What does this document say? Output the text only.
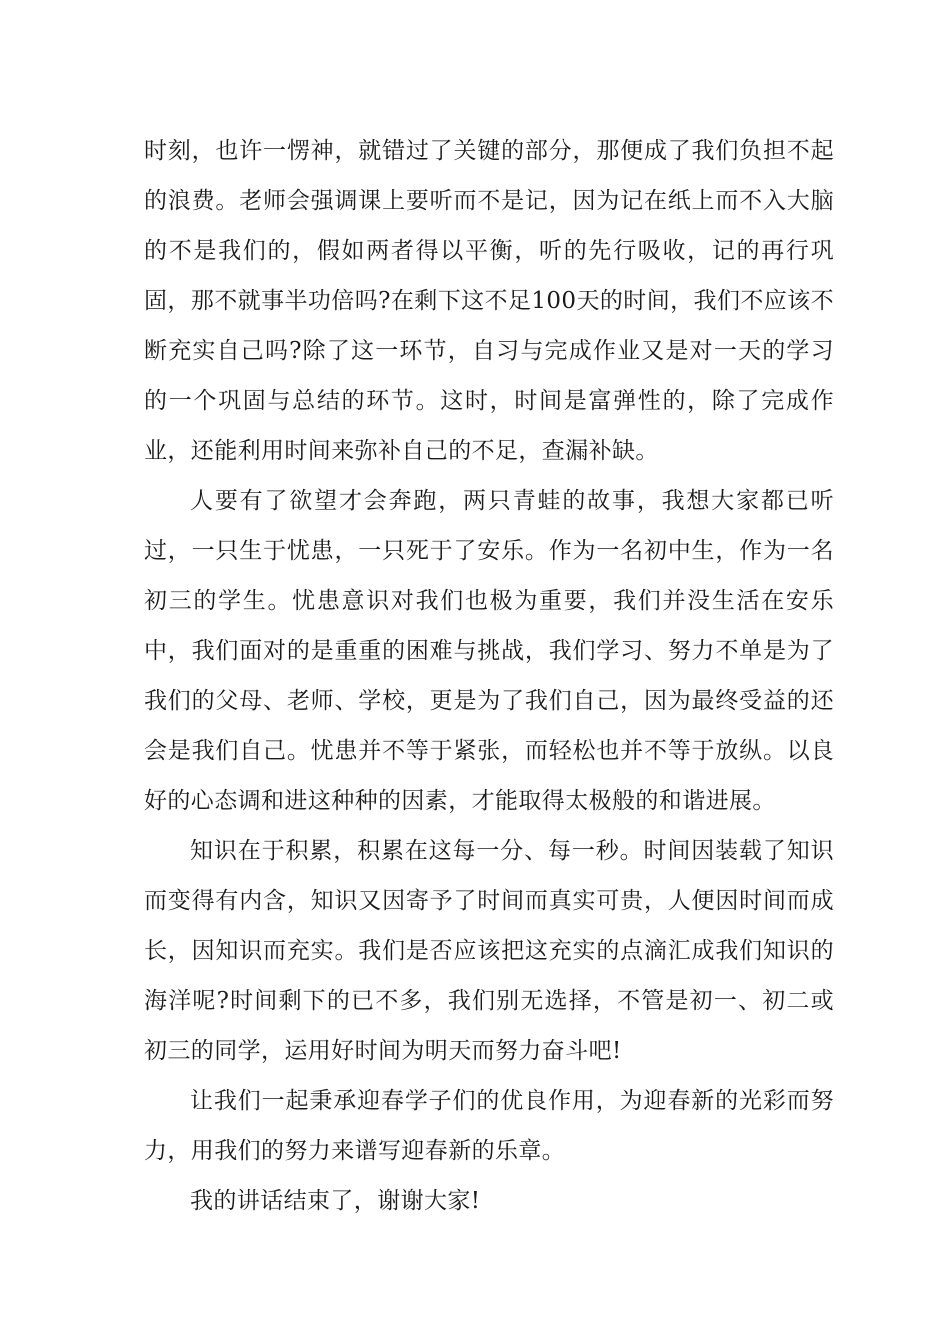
时刻，也许一愣神，就错过了关键的部分，那便成了我们负担不起的浪费。老师会强调课上要听而不是记，因为记在纸上而不入大脑的不是我们的，假如两者得以平衡，听的先行吸收，记的再行巩固，那不就事半功倍吗?在剩下这不足100天的时间，我们不应该不断充实自己吗?除了这一环节，自习与完成作业又是对一天的学习的一个巩固与总结的环节。这时，时间是富弹性的，除了完成作业，还能利用时间来弥补自己的不足，查漏补缺。

人要有了欲望才会奔跑，两只青蛙的故事，我想大家都已听过，一只生于忧患，一只死于了安乐。作为一名初中生，作为一名初三的学生。忧患意识对我们也极为重要，我们并没生活在安乐中，我们面对的是重重的困难与挑战，我们学习、努力不单是为了我们的父母、老师、学校，更是为了我们自己，因为最终受益的还会是我们自己。忧患并不等于紧张，而轻松也并不等于放纵。以良好的心态调和进这种种的因素，才能取得太极般的和谐进展。

知识在于积累，积累在这每一分、每一秒。时间因装载了知识而变得有内含，知识又因寄予了时间而真实可贵，人便因时间而成长，因知识而充实。我们是否应该把这充实的点滴汇成我们知识的海洋呢?时间剩下的已不多，我们别无选择，不管是初一、初二或初三的同学，运用好时间为明天而努力奋斗吧!

让我们一起秉承迎春学子们的优良作用，为迎春新的光彩而努力，用我们的努力来谱写迎春新的乐章。

我的讲话结束了，谢谢大家!
